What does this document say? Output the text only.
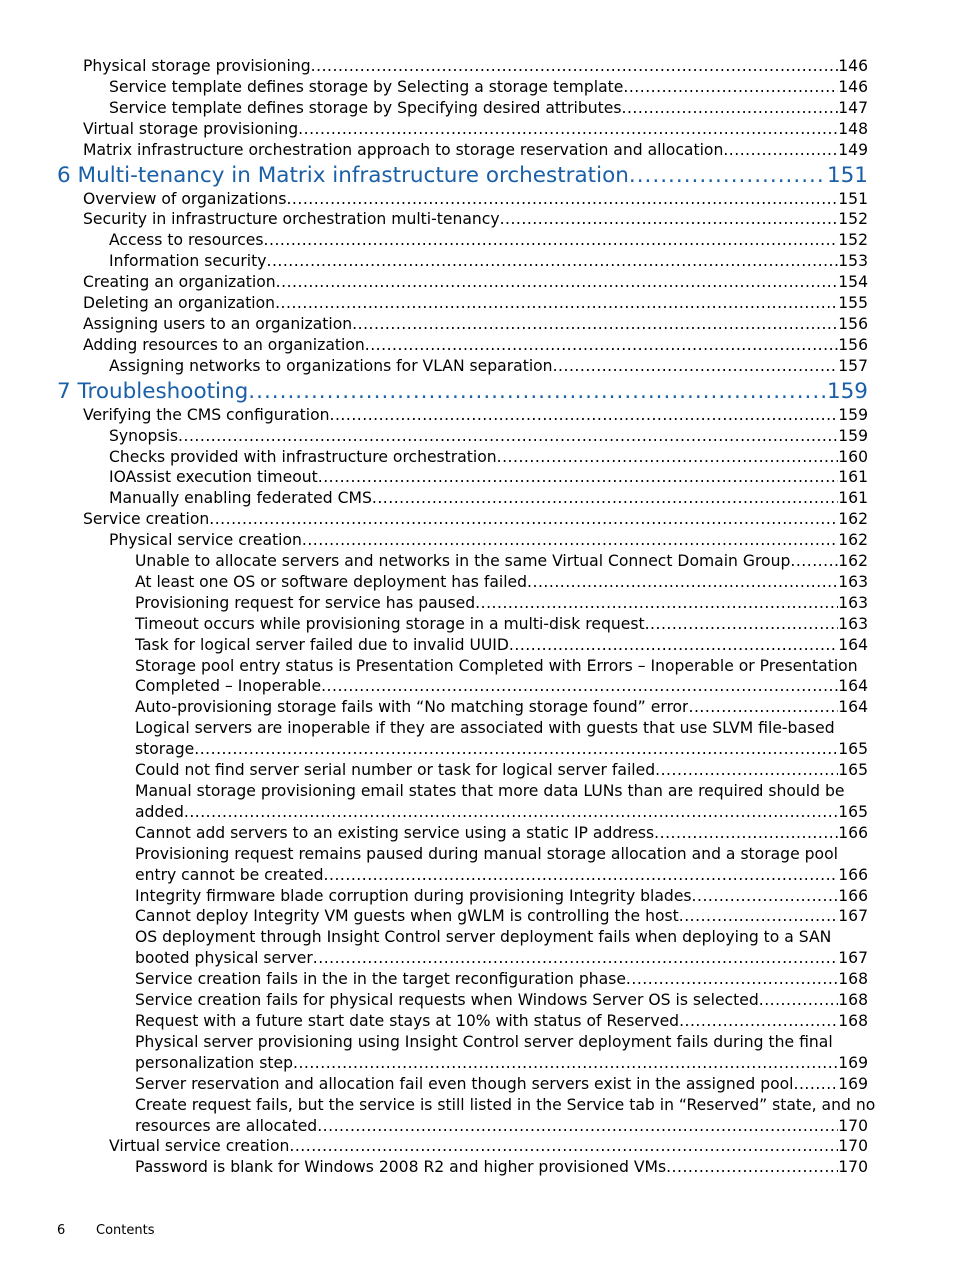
Physical storage provisioning .....	146
Service template defines storage by Selecting a storage template .....	146
Service template defines storage by Specifying desired attributes .....	147
Virtual storage provisioning .....	148
Matrix infrastructure orchestration approach to storage reservation and allocation .....	149
6 Multi-tenancy in Matrix infrastructure orchestration .....	151
Overview of organizations .....	151
Security in infrastructure orchestration multi-tenancy .....	152
Access to resources .....	152
Information security .....	153
Creating an organization .....	154
Deleting an organization .....	155
Assigning users to an organization .....	156
Adding resources to an organization .....	156
Assigning networks to organizations for VLAN separation .....	157
7 Troubleshooting .....	159
Verifying the CMS configuration .....	159
Synopsis .....	159
Checks provided with infrastructure orchestration .....	160
IOAssist execution timeout .....	161
Manually enabling federated CMS .....	161
Service creation .....	162
Physical service creation .....	162
Unable to allocate servers and networks in the same Virtual Connect Domain Group .....	162
At least one OS or software deployment has failed .....	163
Provisioning request for service has paused .....	163
Timeout occurs while provisioning storage in a multi-disk request .....	163
Task for logical server failed due to invalid UUID .....	164
Storage pool entry status is Presentation Completed with Errors – Inoperable or Presentation
Completed – Inoperable .....	164
Auto-provisioning storage fails with “No matching storage found” error .....	164
Logical servers are inoperable if they are associated with guests that use SLVM file-based
storage .....	165
Could not find server serial number or task for logical server failed .....	165
Manual storage provisioning email states that more data LUNs than are required should be
added .....	165
Cannot add servers to an existing service using a static IP address .....	166
Provisioning request remains paused during manual storage allocation and a storage pool
entry cannot be created .....	166
Integrity firmware blade corruption during provisioning Integrity blades .....	166
Cannot deploy Integrity VM guests when gWLM is controlling the host .....	167
OS deployment through Insight Control server deployment fails when deploying to a SAN
booted physical server .....	167
Service creation fails in the in the target reconfiguration phase .....	168
Service creation fails for physical requests when Windows Server OS is selected .....	168
Request with a future start date stays at 10% with status of Reserved .....	168
Physical server provisioning using Insight Control server deployment fails during the final
personalization step .....	169
Server reservation and allocation fail even though servers exist in the assigned pool .....	169
Create request fails, but the service is still listed in the Service tab in “Reserved” state, and no
resources are allocated .....	170
Virtual service creation .....	170
Password is blank for Windows 2008 R2 and higher provisioned VMs .....	170
6	Contents
